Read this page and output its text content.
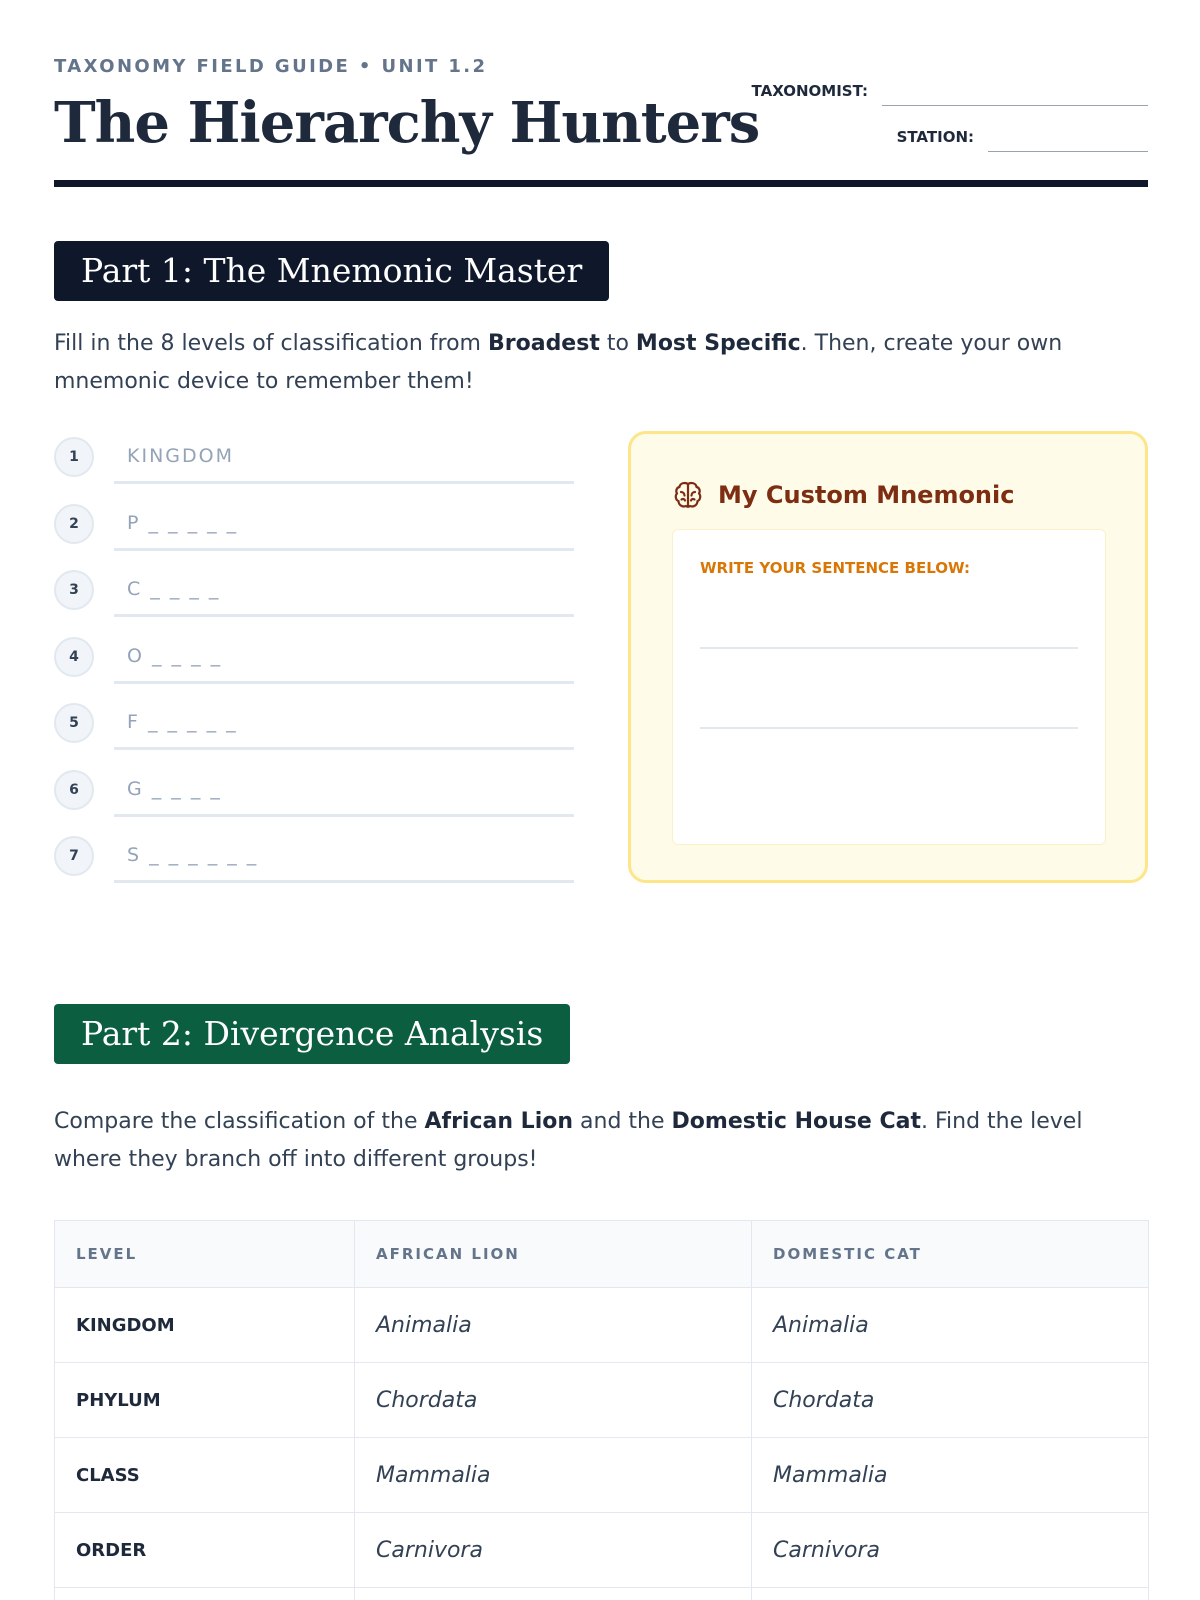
TAXONOMY FIELD GUIDE • UNIT 1.2
The Hierarchy Hunters
TAXONOMIST:
STATION:
Part 1: The Mnemonic Master

Fill in the 8 levels of classification from Broadest to Most Specific. Then, create your own mnemonic device to remember them!

1	KINGDOM
2	P _ _ _ _ _
3	C _ _ _ _
4	O _ _ _ _
5	F _ _ _ _ _
6	G _ _ _ _
7	S _ _ _ _ _ _
My Custom Mnemonic
WRITE YOUR SENTENCE BELOW:
Part 2: Divergence Analysis

Compare the classification of the African Lion and the Domestic House Cat. Find the level where they branch off into different groups!

LEVEL	AFRICAN LION	DOMESTIC CAT
KINGDOM	Animalia	Animalia
PHYLUM	Chordata	Chordata
CLASS	Mammalia	Mammalia
ORDER	Carnivora	Carnivora
